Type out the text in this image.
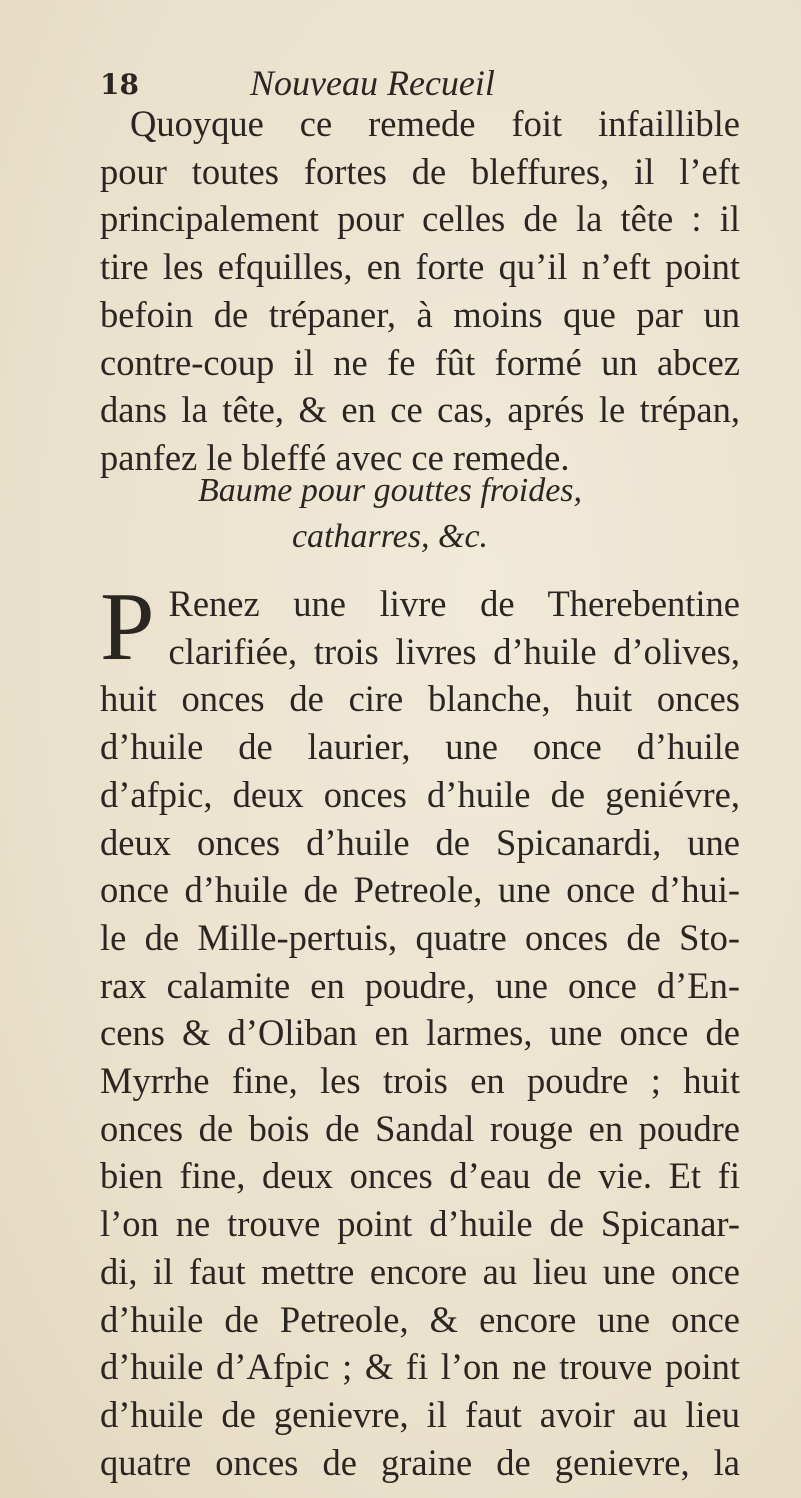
18	Nouveau Recueil
Quoyque ce remede foit infaillible
pour toutes fortes de bleffures, il l’eft
principalement pour celles de la tête : il
tire les efquilles, en forte qu’il n’eft point
befoin de trépaner, à moins que par un
contre-coup il ne fe fût formé un abcez
dans la tête, & en ce cas, aprés le trépan,
panfez le bleffé avec ce remede.
Baume pour gouttes froides,
catharres, &c.
P Renez une livre de Therebentine
clarifiée, trois livres d’huile d’olives,
huit onces de cire blanche, huit onces
d’huile de laurier, une once d’huile
d’afpic, deux onces d’huile de geniévre,
deux onces d’huile de Spicanardi, une
once d’huile de Petreole, une once d’hui-
le de Mille-pertuis, quatre onces de Sto-
rax calamite en poudre, une once d’En-
cens & d’Oliban en larmes, une once de
Myrrhe fine, les trois en poudre ; huit
onces de bois de Sandal rouge en poudre
bien fine, deux onces d’eau de vie. Et fi
l’on ne trouve point d’huile de Spicanar-
di, il faut mettre encore au lieu une once
d’huile de Petreole, & encore une once
d’huile d’Afpic ; & fi l’on ne trouve point
d’huile de genievre, il faut avoir au lieu
quatre onces de graine de genievre, la
